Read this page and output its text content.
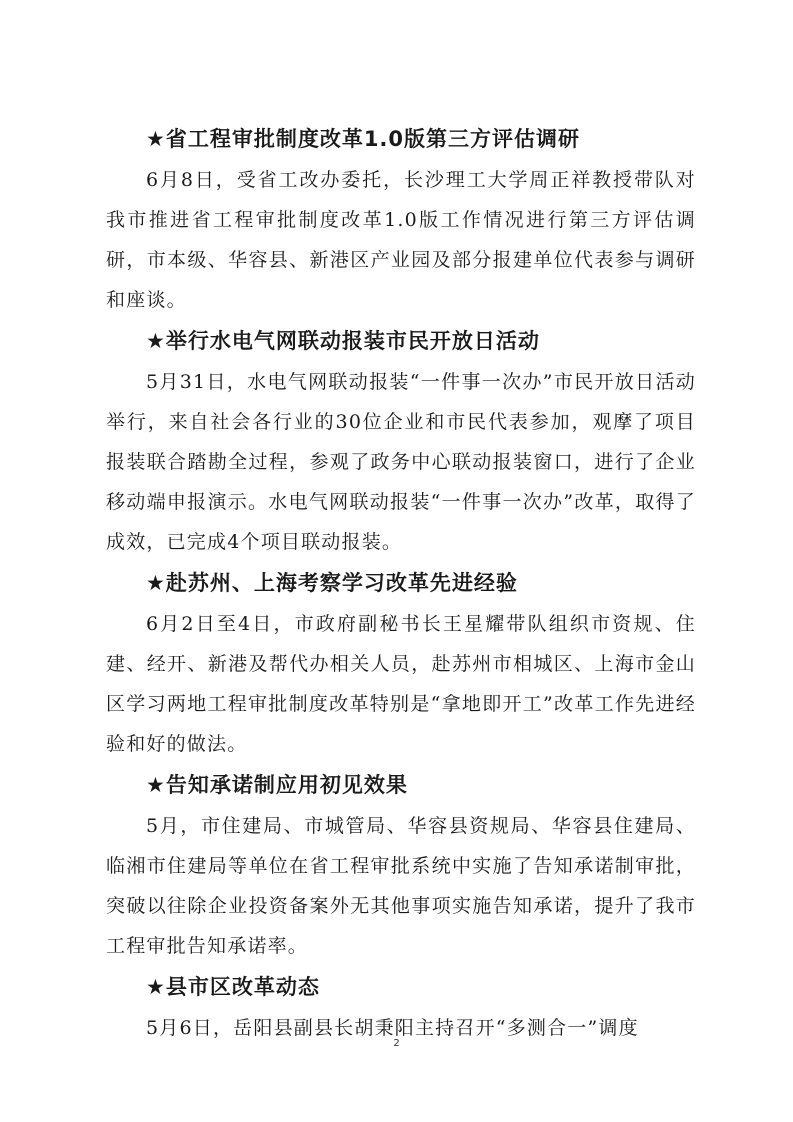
★省工程审批制度改革1.0版第三方评估调研

6月8日，受省工改办委托，长沙理工大学周正祥教授带队对我市推进省工程审批制度改革1.0版工作情况进行第三方评估调研，市本级、华容县、新港区产业园及部分报建单位代表参与调研和座谈。

★举行水电气网联动报装市民开放日活动

5月31日，水电气网联动报装“一件事一次办”市民开放日活动举行，来自社会各行业的30位企业和市民代表参加，观摩了项目报装联合踏勘全过程，参观了政务中心联动报装窗口，进行了企业移动端申报演示。水电气网联动报装“一件事一次办”改革，取得了成效，已完成4个项目联动报装。

★赴苏州、上海考察学习改革先进经验

6月2日至4日，市政府副秘书长王星耀带队组织市资规、住建、经开、新港及帮代办相关人员，赴苏州市相城区、上海市金山区学习两地工程审批制度改革特别是“拿地即开工”改革工作先进经验和好的做法。

★告知承诺制应用初见效果

5月，市住建局、市城管局、华容县资规局、华容县住建局、临湘市住建局等单位在省工程审批系统中实施了告知承诺制审批，突破以往除企业投资备案外无其他事项实施告知承诺，提升了我市工程审批告知承诺率。

★县市区改革动态

5月6日，岳阳县副县长胡秉阳主持召开“多测合一”调度

2
